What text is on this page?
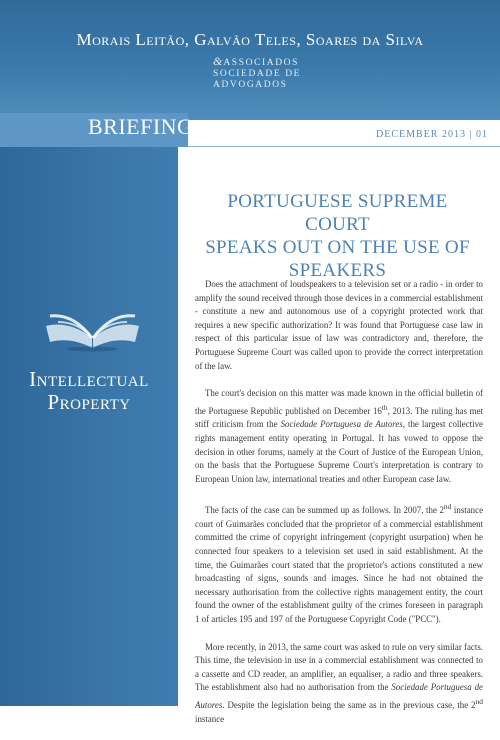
Morais Leitão, Galvão Teles, Soares da Silva
&ASSOCIADOS
SOCIEDADE DE
ADVOGADOS
BRIEFING	DECEMBER 2013 | 01
Intellectual
Property
PORTUGUESE SUPREME COURT
SPEAKS OUT ON THE USE OF
SPEAKERS

Does the attachment of loudspeakers to a television set or a radio - in order to amplify the sound received through those devices in a commercial establishment - constitute a new and autonomous use of a copyright protected work that requires a new specific authorization? It was found that Portuguese case law in respect of this particular issue of law was contradictory and, therefore, the Portuguese Supreme Court was called upon to provide the correct interpretation of the law.

The court's decision on this matter was made known in the official bulletin of the Portuguese Republic published on December 16th, 2013. The ruling has met stiff criticism from the Sociedade Portuguesa de Autores, the largest collective rights management entity operating in Portugal. It has vowed to oppose the decision in other forums, namely at the Court of Justice of the European Union, on the basis that the Portuguese Supreme Court's interpretation is contrary to European Union law, international treaties and other European case law.

The facts of the case can be summed up as follows. In 2007, the 2nd instance court of Guimarães concluded that the proprietor of a commercial establishment committed the crime of copyright infringement (copyright usurpation) when he connected four speakers to a television set used in said establishment. At the time, the Guimarães court stated that the proprietor's actions constituted a new broadcasting of signs, sounds and images. Since he had not obtained the necessary authorisation from the collective rights management entity, the court found the owner of the establishment guilty of the crimes foreseen in paragraph 1 of articles 195 and 197 of the Portuguese Copyright Code ("PCC").

More recently, in 2013, the same court was asked to rule on very similar facts. This time, the television in use in a commercial establishment was connected to a cassette and CD reader, an amplifier, an equaliser, a radio and three speakers. The establishment also had no authorisation from the Sociedade Portuguesa de Autores. Despite the legislation being the same as in the previous case, the 2nd instance
